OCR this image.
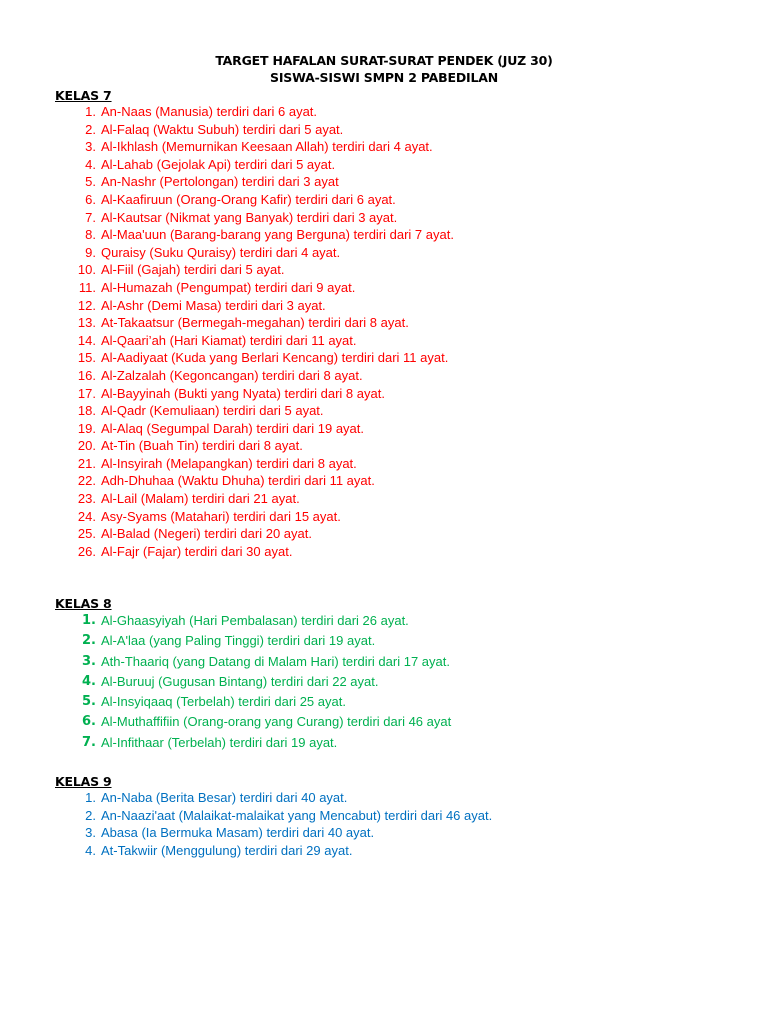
TARGET HAFALAN SURAT-SURAT PENDEK (JUZ 30)
SISWA-SISWI SMPN 2 PABEDILAN
KELAS 7
1. An-Naas (Manusia) terdiri dari 6 ayat.
2. Al-Falaq (Waktu Subuh) terdiri dari 5 ayat.
3. Al-Ikhlash (Memurnikan Keesaan Allah) terdiri dari 4 ayat.
4. Al-Lahab (Gejolak Api) terdiri dari 5 ayat.
5. An-Nashr (Pertolongan) terdiri dari 3 ayat
6. Al-Kaafiruun (Orang-Orang Kafir) terdiri dari 6 ayat.
7. Al-Kautsar (Nikmat yang Banyak) terdiri dari 3 ayat.
8. Al-Maa'uun (Barang-barang yang Berguna) terdiri dari 7 ayat.
9. Quraisy (Suku Quraisy) terdiri dari 4 ayat.
10. Al-Fiil (Gajah) terdiri dari 5 ayat.
11. Al-Humazah (Pengumpat) terdiri dari 9 ayat.
12. Al-Ashr (Demi Masa) terdiri dari 3 ayat.
13. At-Takaatsur (Bermegah-megahan) terdiri dari 8 ayat.
14. Al-Qaari’ah (Hari Kiamat) terdiri dari 11 ayat.
15. Al-Aadiyaat (Kuda yang Berlari Kencang) terdiri dari 11 ayat.
16. Al-Zalzalah (Kegoncangan) terdiri dari 8 ayat.
17. Al-Bayyinah (Bukti yang Nyata) terdiri dari 8 ayat.
18. Al-Qadr (Kemuliaan) terdiri dari 5 ayat.
19. Al-Alaq (Segumpal Darah) terdiri dari 19 ayat.
20. At-Tin (Buah Tin) terdiri dari 8 ayat.
21. Al-Insyirah (Melapangkan) terdiri dari 8 ayat.
22. Adh-Dhuhaa (Waktu Dhuha) terdiri dari 11 ayat.
23. Al-Lail (Malam) terdiri dari 21 ayat.
24. Asy-Syams (Matahari) terdiri dari 15 ayat.
25. Al-Balad (Negeri) terdiri dari 20 ayat.
26. Al-Fajr (Fajar) terdiri dari 30 ayat.
KELAS 8
1. Al-Ghaasyiyah (Hari Pembalasan) terdiri dari 26 ayat.
2. Al-A'laa (yang Paling Tinggi) terdiri dari 19 ayat.
3. Ath-Thaariq (yang Datang di Malam Hari) terdiri dari 17 ayat.
4. Al-Buruuj (Gugusan Bintang) terdiri dari 22 ayat.
5. Al-Insyiqaaq (Terbelah) terdiri dari 25 ayat.
6. Al-Muthaffifiin (Orang-orang yang Curang) terdiri dari 46 ayat
7. Al-Infithaar (Terbelah) terdiri dari 19 ayat.
KELAS 9
1. An-Naba (Berita Besar) terdiri dari 40 ayat.
2. An-Naazi'aat (Malaikat-malaikat yang Mencabut) terdiri dari 46 ayat.
3. Abasa (Ia Bermuka Masam) terdiri dari 40 ayat.
4. At-Takwiir (Menggulung) terdiri dari 29 ayat.
